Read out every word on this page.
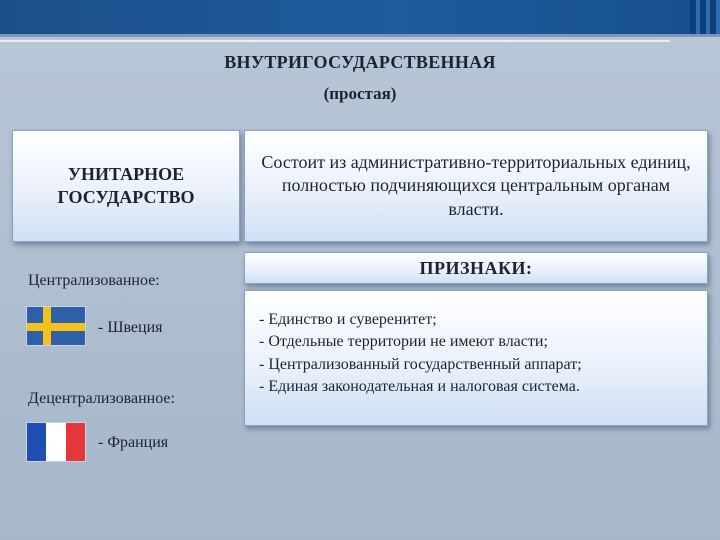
ВНУТРИГОСУДАРСТВЕННАЯ
(простая)
УНИТАРНОЕ
ГОСУДАРСТВО
Состоит из административно-территориальных единиц, полностью подчиняющихся центральным органам власти.
ПРИЗНАКИ:
- Единство и суверенитет;
- Отдельные территории не имеют власти;
- Централизованный государственный аппарат;
- Единая законодательная и налоговая система.
Централизованное:
- Швеция
Децентрализованное:
- Франция
